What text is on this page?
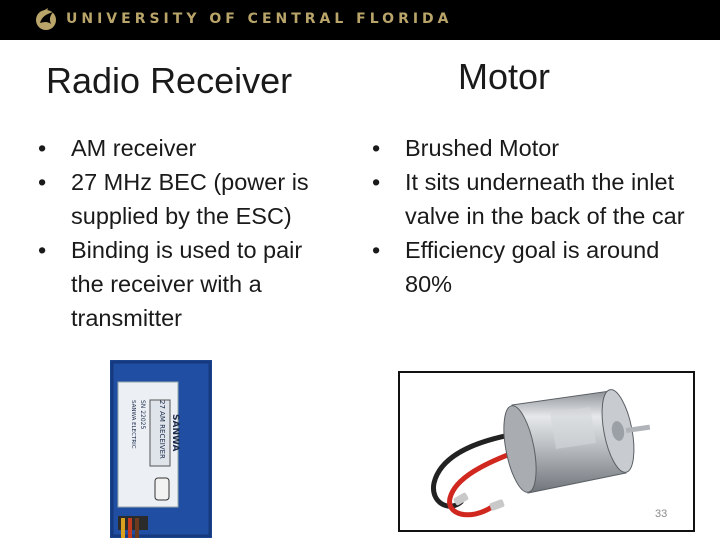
UNIVERSITY OF CENTRAL FLORIDA
Radio Receiver	Motor
• AM receiver
• 27 MHz BEC (power is supplied by the ESC)
• Binding is used to pair the receiver with a transmitter
• Brushed Motor
• It sits underneath the inlet valve in the back of the car
• Efficiency goal is around 80%
SANWA
27 AM RECEIVER
SN 22025
SANWA ELECTRIC
33
